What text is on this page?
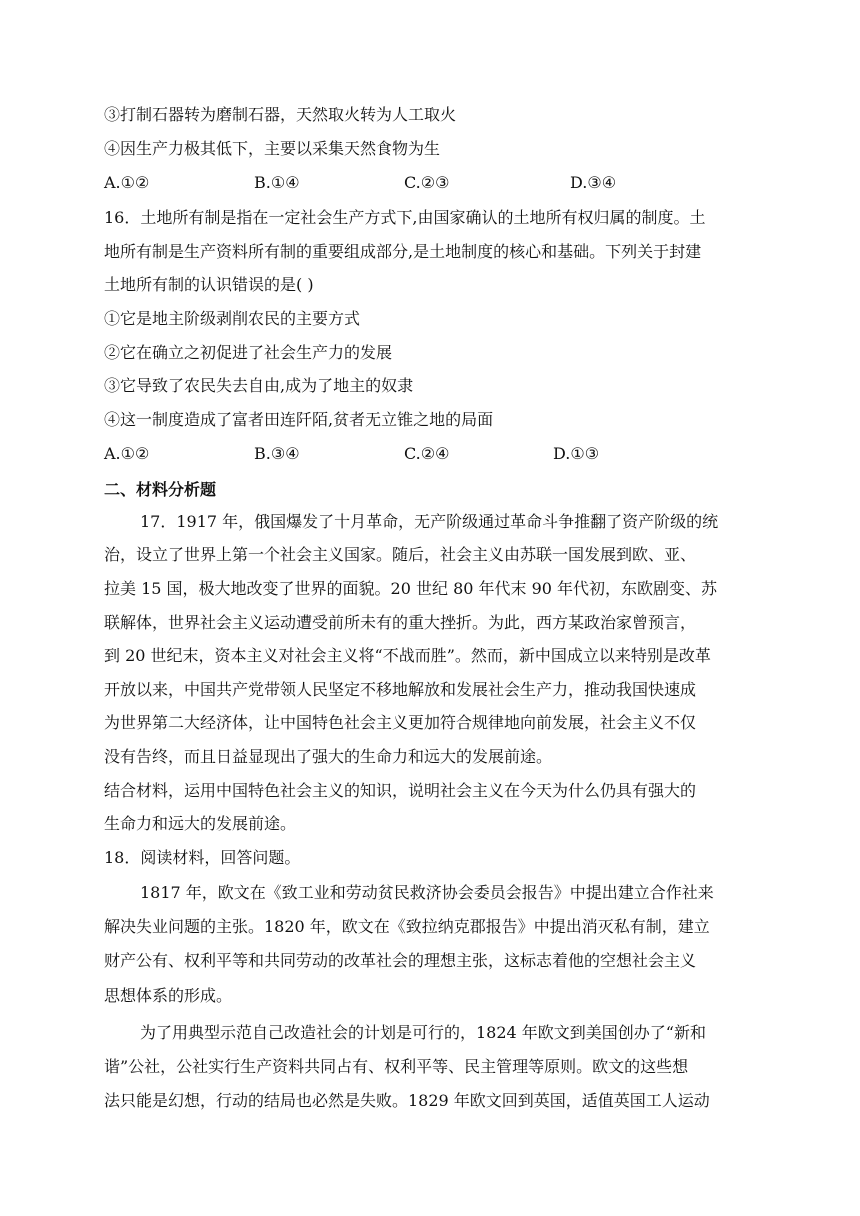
③打制石器转为磨制石器，天然取火转为人工取火
④因生产力极其低下，主要以采集天然食物为生
A.①②	B.①④	C.②③	D.③④
16．土地所有制是指在一定社会生产方式下,由国家确认的土地所有权归属的制度。土
地所有制是生产资料所有制的重要组成部分,是土地制度的核心和基础。下列关于封建
土地所有制的认识错误的是( )
①它是地主阶级剥削农民的主要方式
②它在确立之初促进了社会生产力的发展
③它导致了农民失去自由,成为了地主的奴隶
④这一制度造成了富者田连阡陌,贫者无立锥之地的局面
A.①②	B.③④	C.②④	D.①③
二、材料分析题
17．1917 年，俄国爆发了十月革命，无产阶级通过革命斗争推翻了资产阶级的统
治，设立了世界上第一个社会主义国家。随后，社会主义由苏联一国发展到欧、亚、
拉美 15 国，极大地改变了世界的面貌。20 世纪 80 年代末 90 年代初，东欧剧变、苏
联解体，世界社会主义运动遭受前所未有的重大挫折。为此，西方某政治家曾预言，
到 20 世纪末，资本主义对社会主义将“不战而胜”。然而，新中国成立以来特别是改革
开放以来，中国共产党带领人民坚定不移地解放和发展社会生产力，推动我国快速成
为世界第二大经济体，让中国特色社会主义更加符合规律地向前发展，社会主义不仅
没有告终，而且日益显现出了强大的生命力和远大的发展前途。
结合材料，运用中国特色社会主义的知识，说明社会主义在今天为什么仍具有强大的
生命力和远大的发展前途。
18．阅读材料，回答问题。
1817 年，欧文在《致工业和劳动贫民救济协会委员会报告》中提出建立合作社来
解决失业问题的主张。1820 年，欧文在《致拉纳克郡报告》中提出消灭私有制，建立
财产公有、权利平等和共同劳动的改革社会的理想主张，这标志着他的空想社会主义
思想体系的形成。
为了用典型示范自己改造社会的计划是可行的，1824 年欧文到美国创办了“新和
谐”公社，公社实行生产资料共同占有、权利平等、民主管理等原则。欧文的这些想
法只能是幻想，行动的结局也必然是失败。1829 年欧文回到英国，适值英国工人运动
